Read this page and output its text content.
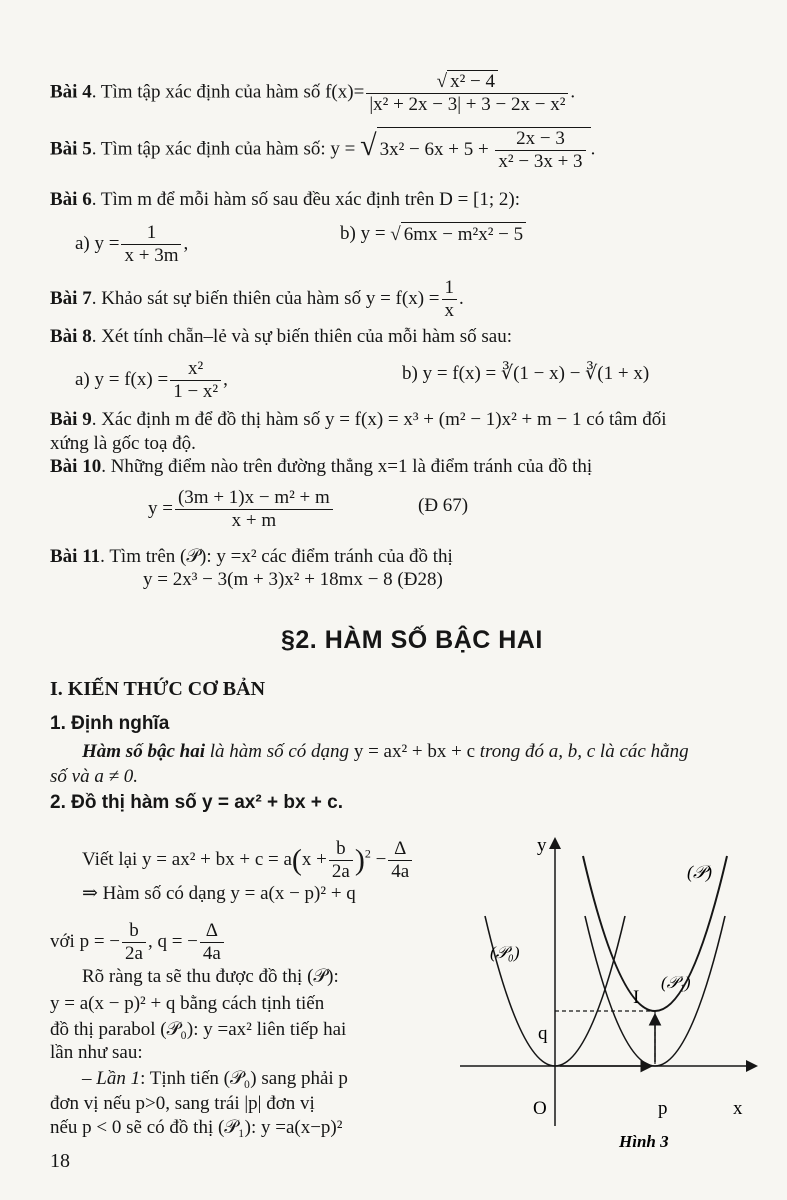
Bài 4. Tìm tập xác định của hàm số $f(x)= \frac{\text{√ x² − 4}}{\text{|x² + 2x − 3| + 3 − 2x − x²}}$ .
Bài 5. Tìm tập xác định của hàm số: y = √ $3x^2 - 6x + 5 + \frac{2x - 3}{\text{x² − 3x + 3}}$ .
Bài 6. Tìm m để mỗi hàm số sau đều xác định trên D = [1; 2):
a) $y = \frac{1}{x + 3m}$ ,	b) y = √ 6mx − m²x² − 5
Bài 7. Khảo sát sự biến thiên của hàm số $y = f(x) = \frac{1}{x}$ .
Bài 8. Xét tính chẵn–lẻ và sự biến thiên của mỗi hàm số sau:
a) $y = f(x) = \frac{\text{x²}}{\text{1 − x²}}$ ,	b) y = f(x) = ∛(1 − x) − ∛(1 + x)
Bài 9. Xác định m để đồ thị hàm số y = f(x) = x³ + (m² − 1)x² + m − 1 có tâm đối
xứng là gốc toạ độ.
Bài 10. Những điểm nào trên đường thẳng x=1 là điểm tránh của đồ thị
$y = \frac{\text{(3m + 1)x − m² + m}}{x + m}$	(Đ 67)
Bài 11. Tìm trên (𝒫): y =x² các điểm tránh của đồ thị
y = 2x³ − 3(m + 3)x² + 18mx − 8 (Đ28)
§2. HÀM SỐ BẬC HAI
I. KIẾN THỨC CƠ BẢN
1. Định nghĩa
Hàm số bậc hai là hàm số có dạng y = ax² + bx + c trong đó a, b, c là các hằng
số và a ≠ 0.
2. Đồ thị hàm số y = ax² + bx + c.
Viết lại y = ax² + bx + $c = a(x + \frac{b}{2a} )^2 - \frac{\Delta}{4a}$
⇒ Hàm số có dạng y = a(x − p)² + q
với p = − $\frac{b}{2a}$ , q = − $\frac{\Delta}{4a}$
Rõ ràng ta sẽ thu được đồ thị (𝒫):
y = a(x − p)² + q bằng cách tịnh tiến
đồ thị parabol (𝒫₀): y =ax² liên tiếp hai
lần như sau:
– Lần 1: Tịnh tiến (𝒫₀) sang phải p
đơn vị nếu p>0, sang trái |p| đơn vị
nếu p < 0 sẽ có đồ thị (𝒫₁): y =a(x−p)²
y
x
O	p
q
I
(𝒫)
(𝒫₀)
(𝒫₁)
Hình 3
18
